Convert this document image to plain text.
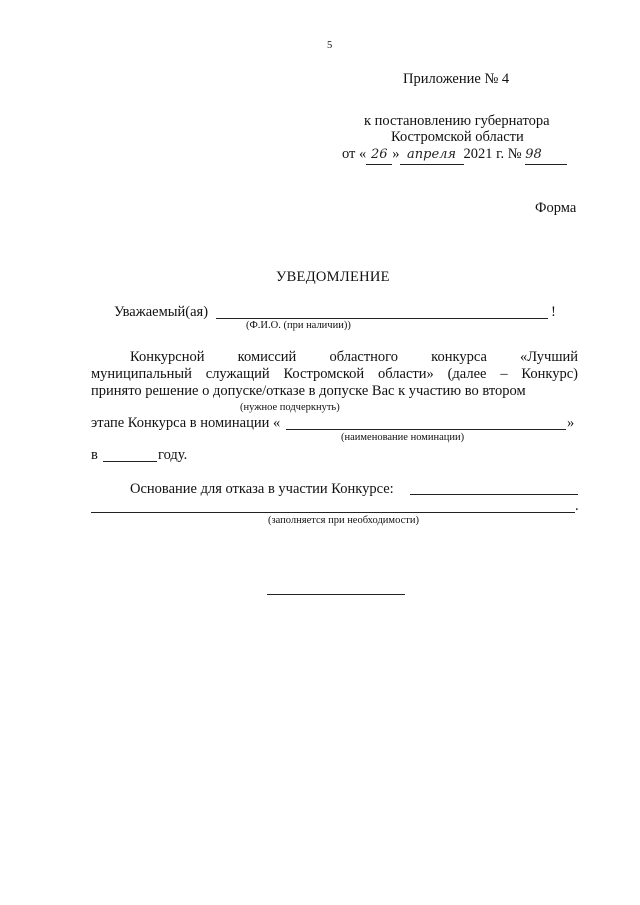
5
Приложение № 4
к постановлению губернатора
Костромской области
от « 26 » апреля 2021 г. № 98
Форма
УВЕДОМЛЕНИЕ
Уважаемый(ая)	!
(Ф.И.О. (при наличии))
Конкурсной комиссий областного конкурса «Лучший
муниципальный служащий Костромской области» (далее – Конкурс)
принято решение о допуске/отказе в допуске Вас к участию во втором
(нужное подчеркнуть)
этапе Конкурса в номинации «	»
(наименование номинации)
в	году.
Основание для отказа в участии Конкурсе:
.
(заполняется при необходимости)
